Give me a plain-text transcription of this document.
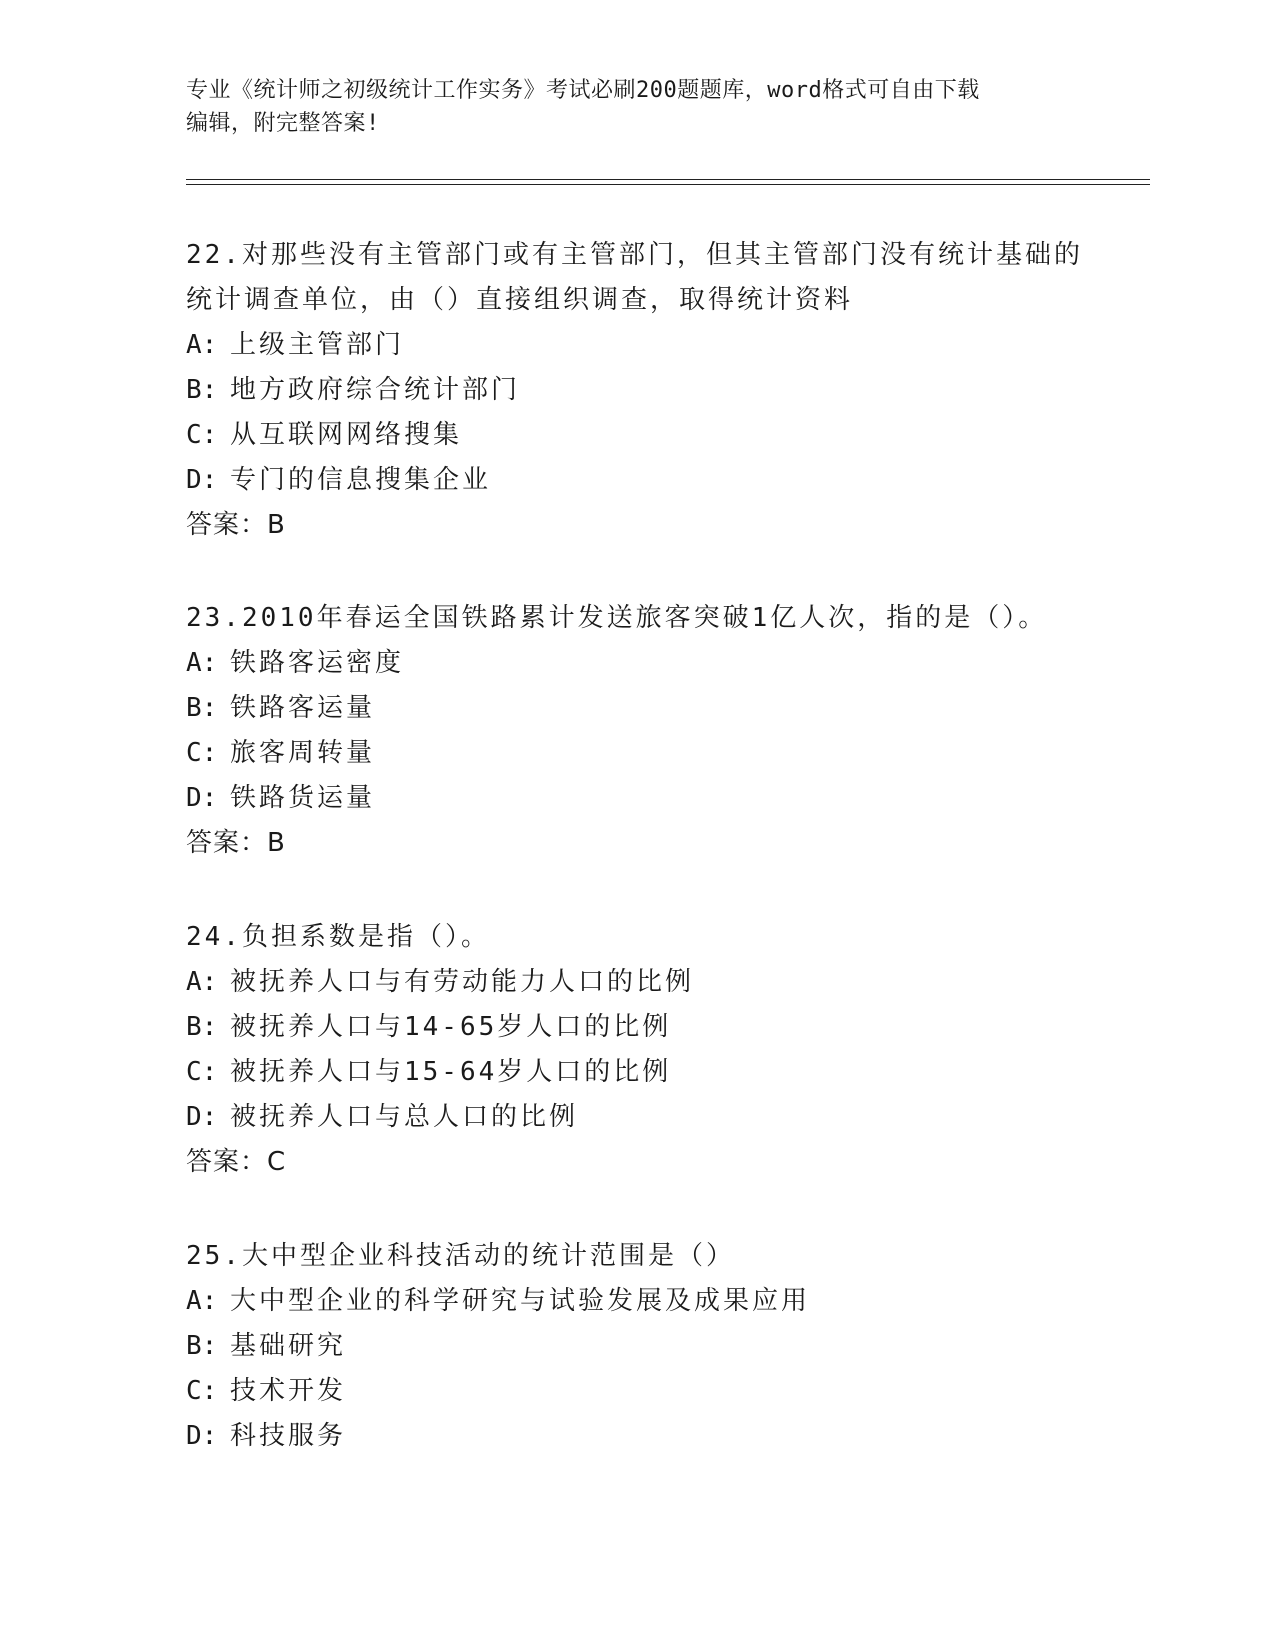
专业《统计师之初级统计工作实务》考试必刷200题题库，word格式可自由下载
编辑，附完整答案!
22.对那些没有主管部门或有主管部门，但其主管部门没有统计基础的
统计调查单位，由（）直接组织调查，取得统计资料
A: 上级主管部门
B: 地方政府综合统计部门
C: 从互联网网络搜集
D: 专门的信息搜集企业
答案：B
23.2010年春运全国铁路累计发送旅客突破1亿人次，指的是（）。
A: 铁路客运密度
B: 铁路客运量
C: 旅客周转量
D: 铁路货运量
答案：B
24.负担系数是指（）。
A: 被抚养人口与有劳动能力人口的比例
B: 被抚养人口与14-65岁人口的比例
C: 被抚养人口与15-64岁人口的比例
D: 被抚养人口与总人口的比例
答案：C
25.大中型企业科技活动的统计范围是（）
A: 大中型企业的科学研究与试验发展及成果应用
B: 基础研究
C: 技术开发
D: 科技服务
